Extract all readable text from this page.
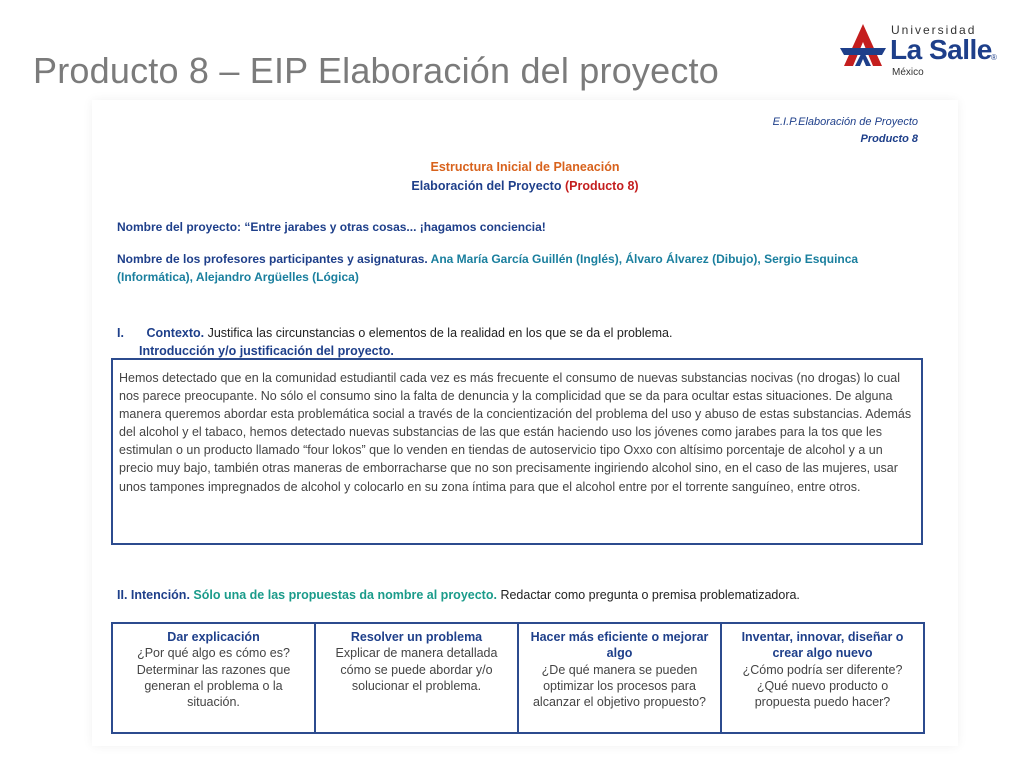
Producto 8 – EIP Elaboración del proyecto
Universidad
La Salle ®
México
E.I.P.Elaboración de Proyecto
Producto 8
Estructura Inicial de Planeación
Elaboración del Proyecto (Producto 8)
Nombre del proyecto: “Entre jarabes y otras cosas... ¡hagamos conciencia!
Nombre de los profesores participantes y asignaturas. Ana María García Guillén (Inglés), Álvaro Álvarez (Dibujo), Sergio Esquinca (Informática), Alejandro Argüelles (Lógica)
I. Contexto. Justifica las circunstancias o elementos de la realidad en los que se da el problema.
Introducción y/o justificación del proyecto.
Hemos detectado que en la comunidad estudiantil cada vez es más frecuente el consumo de nuevas substancias nocivas (no drogas) lo cual nos parece preocupante. No sólo el consumo sino la falta de denuncia y la complicidad que se da para ocultar estas situaciones. De alguna manera queremos abordar esta problemática social a través de la concientización del problema del uso y abuso de estas substancias. Además del alcohol y el tabaco, hemos detectado nuevas substancias de las que están haciendo uso los jóvenes como jarabes para la tos que les estimulan o un producto llamado “four lokos” que lo venden en tiendas de autoservicio tipo Oxxo con altísimo porcentaje de alcohol y a un precio muy bajo, también otras maneras de emborracharse que no son precisamente ingiriendo alcohol sino, en el caso de las mujeres, usar unos tampones impregnados de alcohol y colocarlo en su zona íntima para que el alcohol entre por el torrente sanguíneo, entre otros.
II. Intención. Sólo una de las propuestas da nombre al proyecto. Redactar como pregunta o premisa problematizadora.
Dar explicación
¿Por qué algo es cómo es? Determinar las razones que generan el problema o la situación.
Resolver un problema
Explicar de manera detallada cómo se puede abordar y/o solucionar el problema.
Hacer más eficiente o mejorar algo
¿De qué manera se pueden optimizar los procesos para alcanzar el objetivo propuesto?
Inventar, innovar, diseñar o crear algo nuevo
¿Cómo podría ser diferente? ¿Qué nuevo producto o propuesta puedo hacer?
